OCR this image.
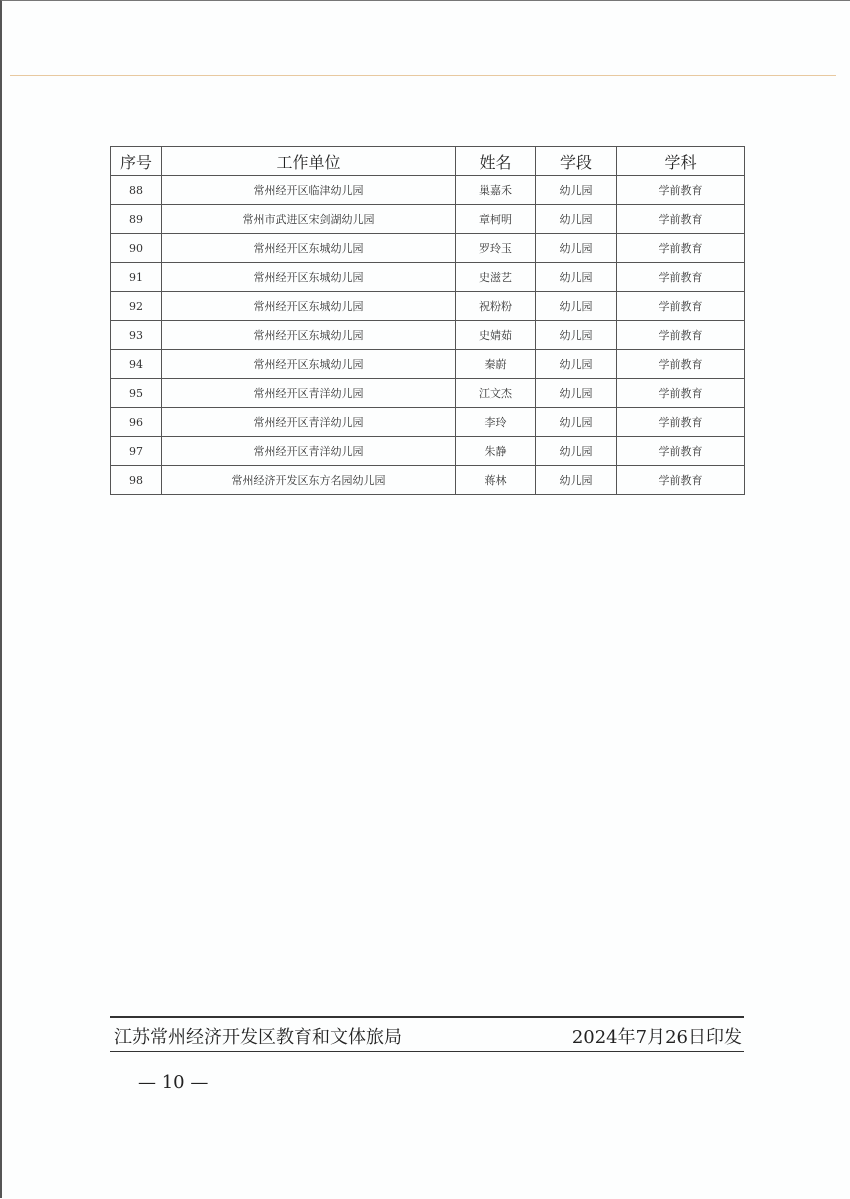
序号	工作单位	姓名	学段	学科
88	常州经开区临津幼儿园	巢嘉禾	幼儿园	学前教育
89	常州市武进区宋剑湖幼儿园	章柯明	幼儿园	学前教育
90	常州经开区东城幼儿园	罗玲玉	幼儿园	学前教育
91	常州经开区东城幼儿园	史滋艺	幼儿园	学前教育
92	常州经开区东城幼儿园	祝粉粉	幼儿园	学前教育
93	常州经开区东城幼儿园	史婧茹	幼儿园	学前教育
94	常州经开区东城幼儿园	秦蔚	幼儿园	学前教育
95	常州经开区青洋幼儿园	江文杰	幼儿园	学前教育
96	常州经开区青洋幼儿园	李玲	幼儿园	学前教育
97	常州经开区青洋幼儿园	朱静	幼儿园	学前教育
98	常州经济开发区东方名园幼儿园	蒋林	幼儿园	学前教育
江苏常州经济开发区教育和文体旅局	2024年7月26日印发
— 10 —
